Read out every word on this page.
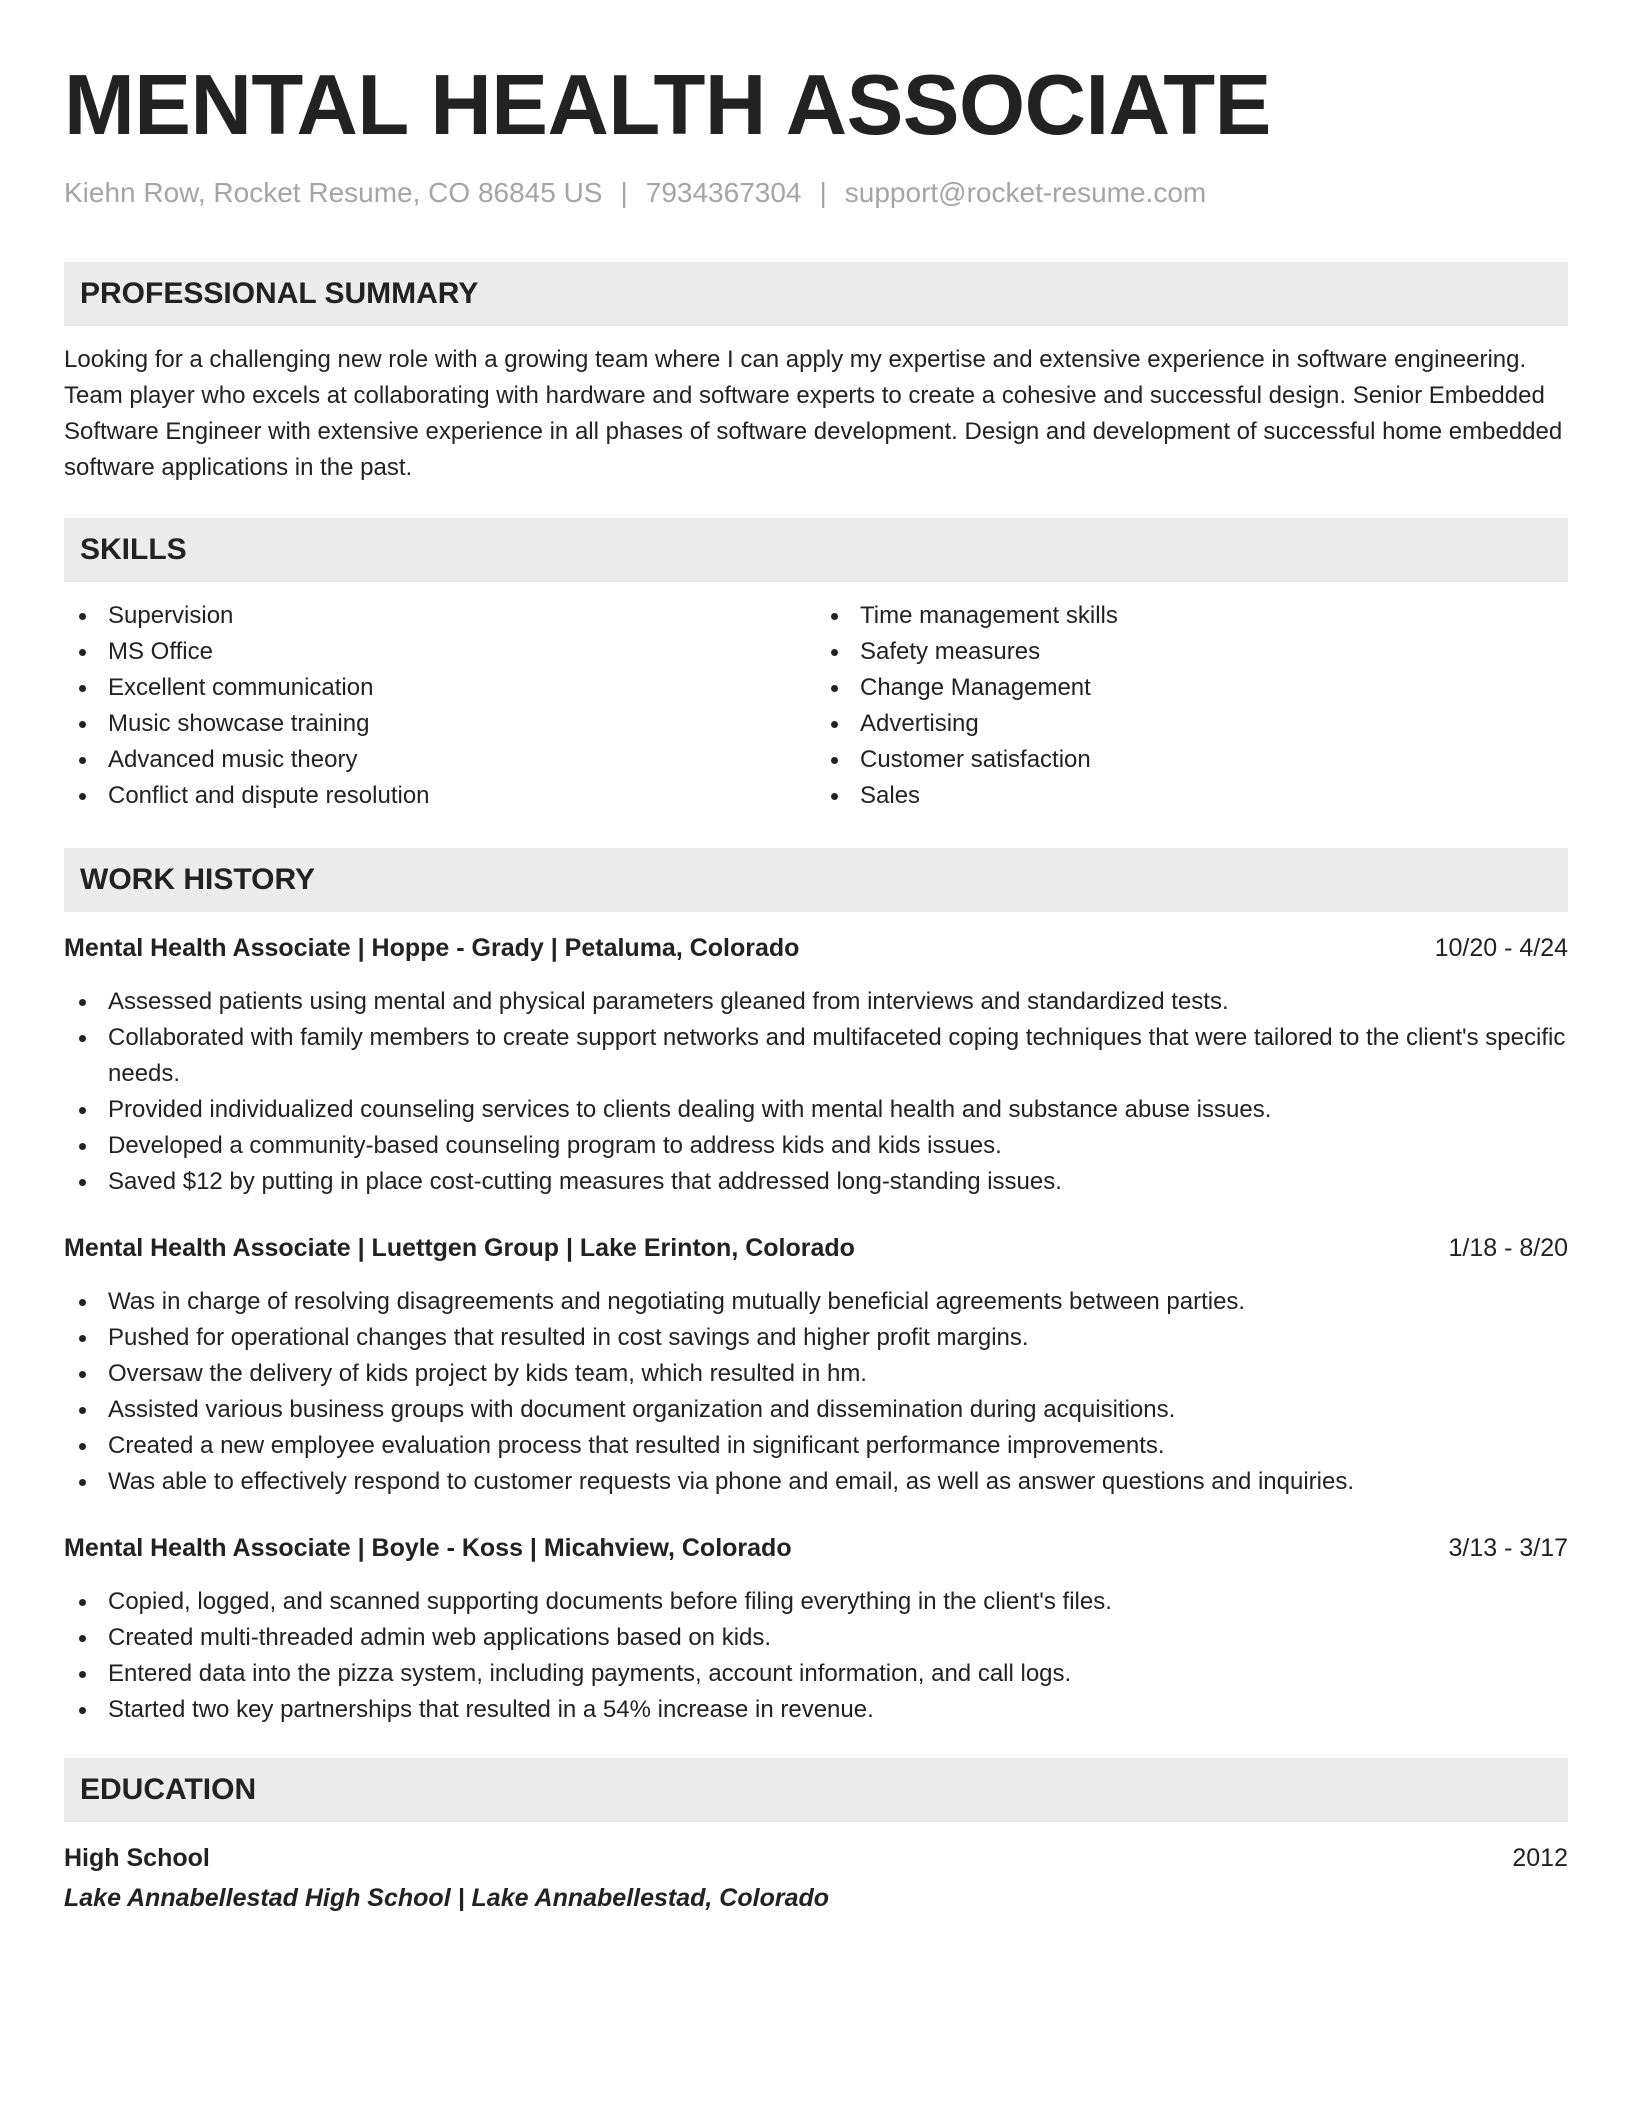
MENTAL HEALTH ASSOCIATE
Kiehn Row, Rocket Resume, CO 86845 US | 7934367304 | support@rocket-resume.com
PROFESSIONAL SUMMARY
Looking for a challenging new role with a growing team where I can apply my expertise and extensive experience in software engineering. Team player who excels at collaborating with hardware and software experts to create a cohesive and successful design. Senior Embedded Software Engineer with extensive experience in all phases of software development. Design and development of successful home embedded software applications in the past.
SKILLS
Supervision
MS Office
Excellent communication
Music showcase training
Advanced music theory
Conflict and dispute resolution
Time management skills
Safety measures
Change Management
Advertising
Customer satisfaction
Sales
WORK HISTORY
Mental Health Associate | Hoppe - Grady | Petaluma, Colorado	10/20 - 4/24
Assessed patients using mental and physical parameters gleaned from interviews and standardized tests.
Collaborated with family members to create support networks and multifaceted coping techniques that were tailored to the client's specific needs.
Provided individualized counseling services to clients dealing with mental health and substance abuse issues.
Developed a community-based counseling program to address kids and kids issues.
Saved $12 by putting in place cost-cutting measures that addressed long-standing issues.
Mental Health Associate | Luettgen Group | Lake Erinton, Colorado	1/18 - 8/20
Was in charge of resolving disagreements and negotiating mutually beneficial agreements between parties.
Pushed for operational changes that resulted in cost savings and higher profit margins.
Oversaw the delivery of kids project by kids team, which resulted in hm.
Assisted various business groups with document organization and dissemination during acquisitions.
Created a new employee evaluation process that resulted in significant performance improvements.
Was able to effectively respond to customer requests via phone and email, as well as answer questions and inquiries.
Mental Health Associate | Boyle - Koss | Micahview, Colorado	3/13 - 3/17
Copied, logged, and scanned supporting documents before filing everything in the client's files.
Created multi-threaded admin web applications based on kids.
Entered data into the pizza system, including payments, account information, and call logs.
Started two key partnerships that resulted in a 54% increase in revenue.
EDUCATION
High School	2012
Lake Annabellestad High School | Lake Annabellestad, Colorado
